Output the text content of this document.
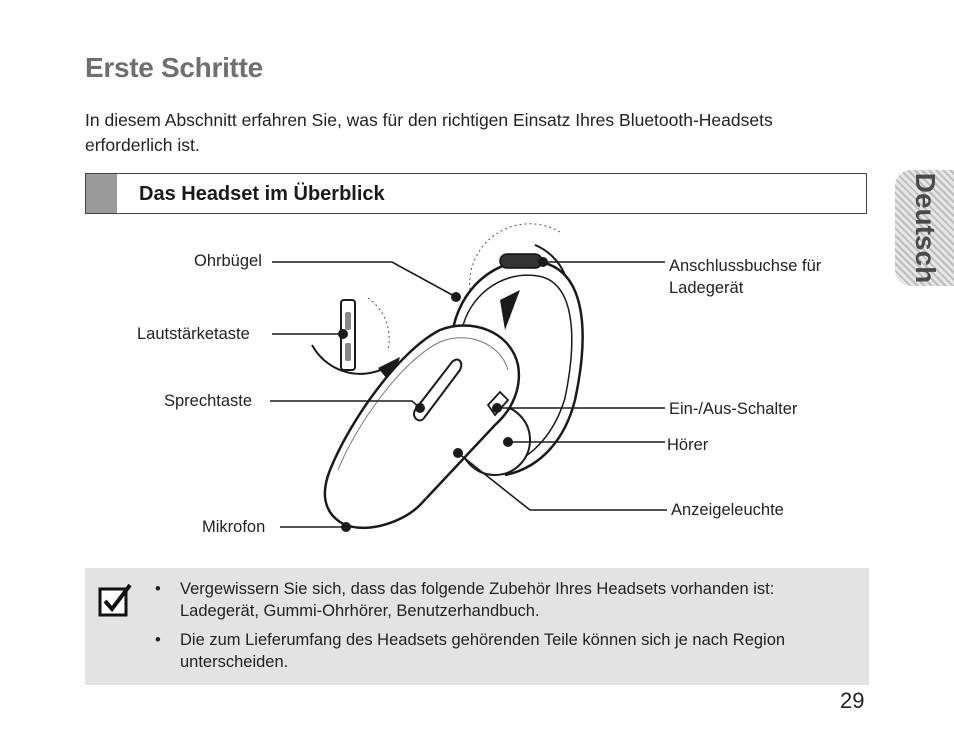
Erste Schritte
In diesem Abschnitt erfahren Sie, was für den richtigen Einsatz Ihres Bluetooth-Headsets erforderlich ist.
Das Headset im Überblick	Deutsch
Ohrbügel
Lautstärketaste
Sprechtaste
Mikrofon
Anschlussbuchse für Ladegerät
Ein-/Aus-Schalter
Hörer
Anzeigeleuchte
• Vergewissern Sie sich, dass das folgende Zubehör Ihres Headsets vorhanden ist: Ladegerät, Gummi-Ohrhörer, Benutzerhandbuch.
• Die zum Lieferumfang des Headsets gehörenden Teile können sich je nach Region unterscheiden.
29
